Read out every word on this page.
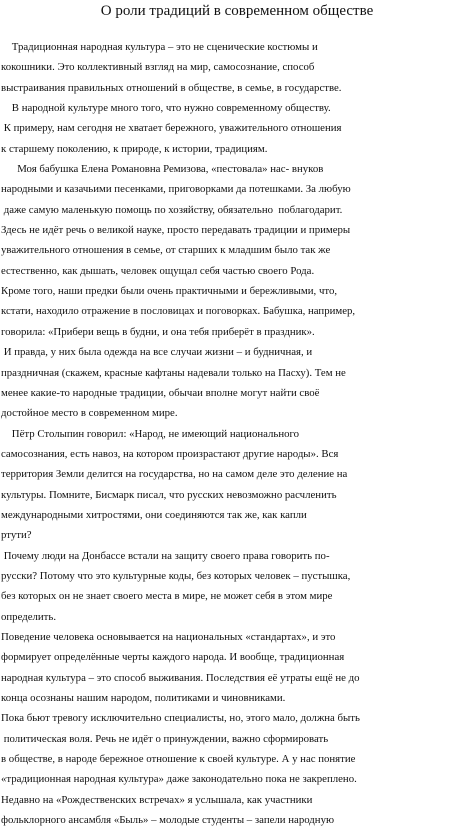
О роли традиций в современном обществе
Традиционная народная культура – это не сценические костюмы и
кокошники. Это коллективный взгляд на мир, самосознание, способ
выстраивания правильных отношений в обществе, в семье, в государстве.
В народной культуре много того, что нужно современному обществу.
К примеру, нам сегодня не хватает бережного, уважительного отношения
к старшему поколению, к природе, к истории, традициям.
Моя бабушка Елена Романовна Ремизова, «пестовала» нас- внуков
народными и казачьими песенками, приговорками да потешками. За любую
даже самую маленькую помощь по хозяйству, обязательно  поблагодарит.
Здесь не идёт речь о великой науке, просто передавать традиции и примеры
уважительного отношения в семье, от старших к младшим было так же
естественно, как дышать, человек ощущал себя частью своего Рода.
Кроме того, наши предки были очень практичными и бережливыми, что,
кстати, находило отражение в пословицах и поговорках. Бабушка, например,
говорила: «Прибери вещь в будни, и она тебя приберёт в праздник».
И правда, у них была одежда на все случаи жизни – и будничная, и
праздничная (скажем, красные кафтаны надевали только на Пасху). Тем не
менее какие-то народные традиции, обычаи вполне могут найти своё
достойное место в современном мире.
Пётр Столыпин говорил: «Народ, не имеющий национального
самосознания, есть навоз, на котором произрастают другие народы». Вся
территория Земли делится на государства, но на самом деле это деление на
культуры. Помните, Бисмарк писал, что русских невозможно расчленить
международными хитростями, они соединяются так же, как капли
ртути?
Почему люди на Донбассе встали на защиту своего права говорить по-
русски? Потому что это культурные коды, без которых человек – пустышка,
без которых он не знает своего места в мире, не может себя в этом мире
определить.
Поведение человека основывается на национальных «стандартах», и это
формирует определённые черты каждого народа. И вообще, традиционная
народная культура – это способ выживания. Последствия её утраты ещё не до
конца осознаны нашим народом, политиками и чиновниками.
Пока бьют тревогу исключительно специалисты, но, этого мало, должна быть
политическая воля. Речь не идёт о принуждении, важно сформировать
в обществе, в народе бережное отношение к своей культуре. А у нас понятие
«традиционная народная культура» даже законодательно пока не закреплено.
Недавно на «Рождественских встречах» я услышала, как участники
фольклорного ансамбля «Быль» – молодые студенты – запели народную
